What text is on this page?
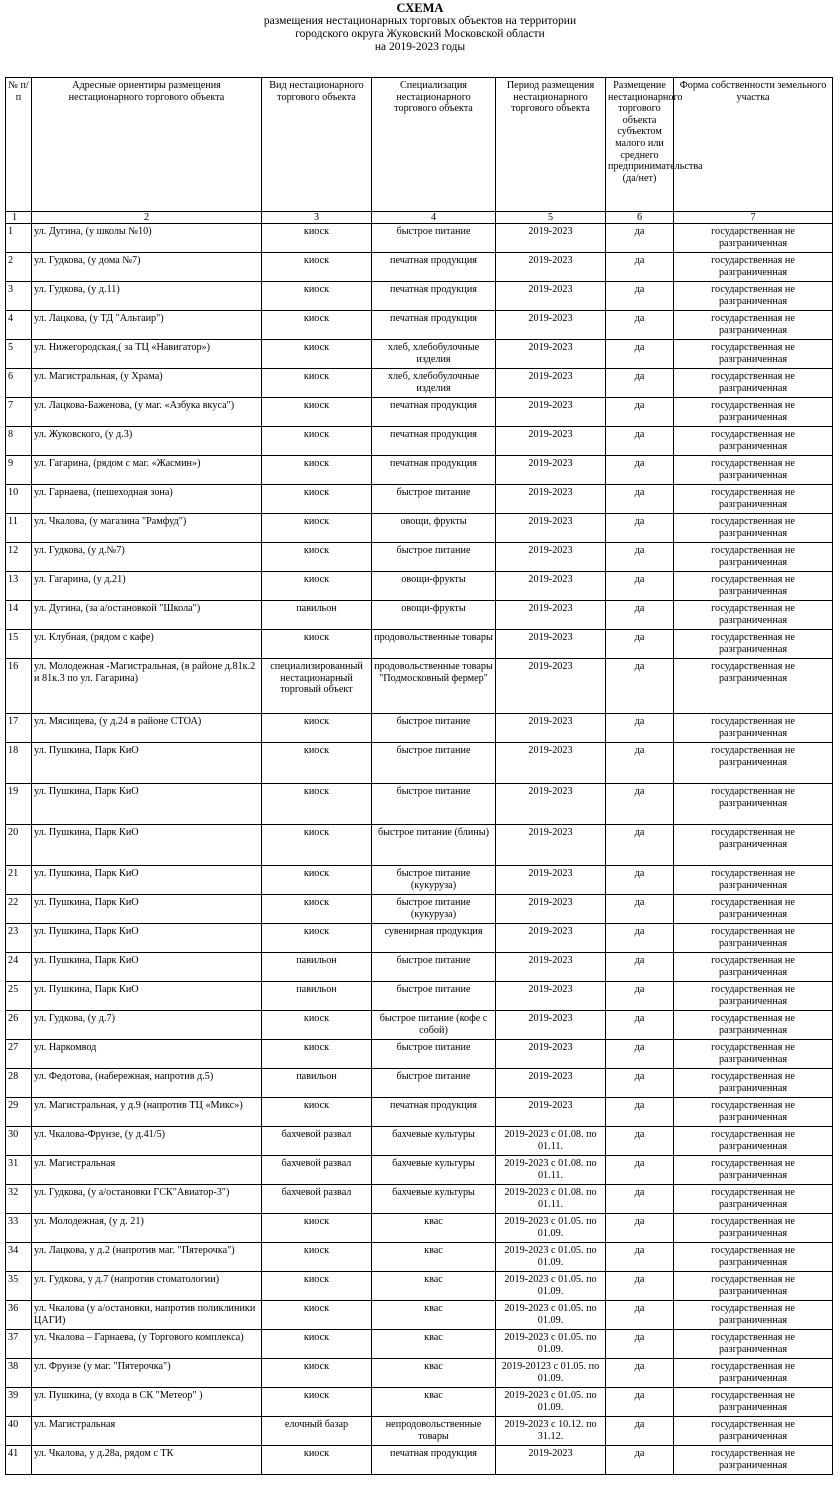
СХЕМА
размещения нестационарных торговых объектов на территории
городского округа Жуковский Московской области
на 2019-2023 годы
№ п/п	Адресные ориентиры размещения нестационарного торгового объекта	Вид нестационарного торгового объекта	Специализация нестационарного торгового объекта	Период размещения нестационарного торгового объекта	Размещение нестационарного торгового объекта субъектом малого или среднего предпринимательства (да/нет)	Форма собственности земельного участка
1	2	3	4	5	6	7
1	ул. Дугина, (у школы №10)	киоск	быстрое питание	2019-2023	да	государственная не разграниченная
2	ул. Гудкова, (у дома №7)	киоск	печатная продукция	2019-2023	да	государственная не разграниченная
3	ул. Гудкова, (у д.11)	киоск	печатная продукция	2019-2023	да	государственная не разграниченная
4	ул. Лацкова, (у ТД "Альтаир")	киоск	печатная продукция	2019-2023	да	государственная не разграниченная
5	ул. Нижегородская,( за ТЦ «Навигатор»)	киоск	хлеб, хлебобулочные изделия	2019-2023	да	государственная не разграниченная
6	ул. Магистральная, (у Храма)	киоск	хлеб, хлебобулочные изделия	2019-2023	да	государственная не разграниченная
7	ул. Лацкова-Баженова, (у маг. «Азбука вкуса")	киоск	печатная продукция	2019-2023	да	государственная не разграниченная
8	ул. Жуковского, (у д.3)	киоск	печатная продукция	2019-2023	да	государственная не разграниченная
9	ул. Гагарина, (рядом с маг. «Жасмин»)	киоск	печатная продукция	2019-2023	да	государственная не разграниченная
10	ул. Гарнаева, (пешеходная зона)	киоск	быстрое питание	2019-2023	да	государственная не разграниченная
11	ул. Чкалова, (у магазина "Рамфуд")	киоск	овощи, фрукты	2019-2023	да	государственная не разграниченная
12	ул. Гудкова, (у д.№7)	киоск	быстрое питание	2019-2023	да	государственная не разграниченная
13	ул. Гагарина, (у д.21)	киоск	овощи-фрукты	2019-2023	да	государственная не разграниченная
14	ул. Дугина, (за а/остановкой "Школа")	павильон	овощи-фрукты	2019-2023	да	государственная не разграниченная
15	ул. Клубная, (рядом с кафе)	киоск	продовольственные товары	2019-2023	да	государственная не разграниченная
16	ул. Молодежная -Магистральная, (в районе д.81к.2 и 81к.3 по ул. Гагарина)	специализированный нестационарный торговый объект	продовольственные товары "Подмосковный фермер"	2019-2023	да	государственная не разграниченная
17	ул. Мясищева, (у д.24 в районе СТОА)	киоск	быстрое питание	2019-2023	да	государственная не разграниченная
18	ул. Пушкина, Парк КиО	киоск	быстрое питание	2019-2023	да	государственная не разграниченная
19	ул. Пушкина, Парк КиО	киоск	быстрое питание	2019-2023	да	государственная не разграниченная
20	ул. Пушкина, Парк КиО	киоск	быстрое питание (блины)	2019-2023	да	государственная не разграниченная
21	ул. Пушкина, Парк КиО	киоск	быстрое питание (кукуруза)	2019-2023	да	государственная не разграниченная
22	ул. Пушкина, Парк КиО	киоск	быстрое питание (кукуруза)	2019-2023	да	государственная не разграниченная
23	ул. Пушкина, Парк КиО	киоск	сувенирная продукция	2019-2023	да	государственная не разграниченная
24	ул. Пушкина, Парк КиО	павильон	быстрое питание	2019-2023	да	государственная не разграниченная
25	ул. Пушкина, Парк КиО	павильон	быстрое питание	2019-2023	да	государственная не разграниченная
26	ул. Гудкова, (у д.7)	киоск	быстрое питание (кофе с собой)	2019-2023	да	государственная не разграниченная
27	ул. Наркомвод	киоск	быстрое питание	2019-2023	да	государственная не разграниченная
28	ул. Федотова, (набережная, напротив д.5)	павильон	быстрое питание	2019-2023	да	государственная не разграниченная
29	ул. Магистральная, у д.9 (напротив ТЦ «Микс»)	киоск	печатная продукция	2019-2023	да	государственная не разграниченная
30	ул. Чкалова-Фрунзе, (у д.41/5)	бахчевой развал	бахчевые культуры	2019-2023 с 01.08. по 01.11.	да	государственная не разграниченная
31	ул. Магистральная	бахчевой развал	бахчевые культуры	2019-2023 с 01.08. по 01.11.	да	государственная не разграниченная
32	ул. Гудкова, (у а/остановки ГСК"Авиатор-3")	бахчевой развал	бахчевые культуры	2019-2023 с 01.08. по 01.11.	да	государственная не разграниченная
33	ул. Молодежная, (у д. 21)	киоск	квас	2019-2023 с 01.05. по 01.09.	да	государственная не разграниченная
34	ул. Лацкова, у д.2 (напротив маг. "Пятерочка")	киоск	квас	2019-2023 с 01.05. по 01.09.	да	государственная не разграниченная
35	ул. Гудкова, у д.7 (напротив стоматологии)	киоск	квас	2019-2023 с 01.05. по 01.09.	да	государственная не разграниченная
36	ул. Чкалова (у а/остановки, напротив поликлиники ЦАГИ)	киоск	квас	2019-2023 с 01.05. по 01.09.	да	государственная не разграниченная
37	ул. Чкалова – Гарнаева, (у Торгового комплекса)	киоск	квас	2019-2023 с 01.05. по 01.09.	да	государственная не разграниченная
38	ул. Фрунзе (у маг. "Пятерочка")	киоск	квас	2019-20123 с 01.05. по 01.09.	да	государственная не разграниченная
39	ул. Пушкина, (у входа в СК "Метеор" )	киоск	квас	2019-2023 с 01.05. по 01.09.	да	государственная не разграниченная
40	ул. Магистральная	елочный базар	непродовольственные товары	2019-2023 с 10.12. по 31.12.	да	государственная не разграниченная
41	ул. Чкалова, у д.28а, рядом с ТК	киоск	печатная продукция	2019-2023	да	государственная не разграниченная
